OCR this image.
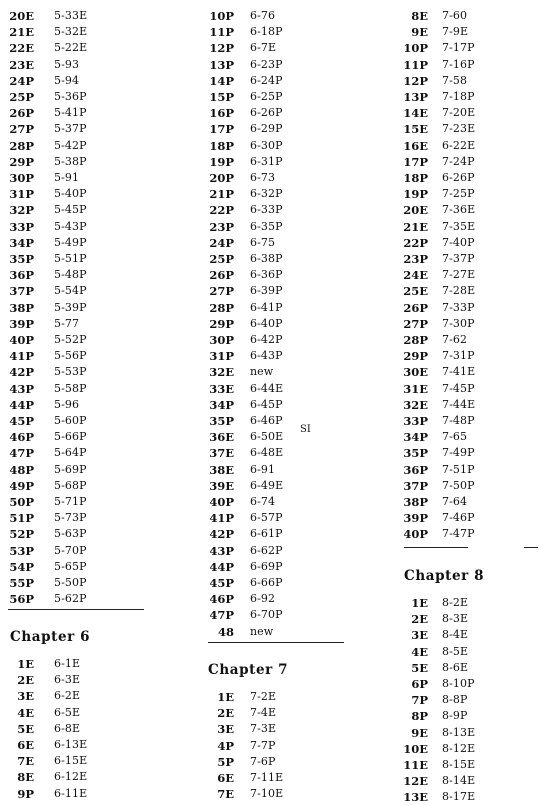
20E 5-33E
21E 5-32E
22E 5-22E
23E 5-93
24P 5-94
25P 5-36P
26P 5-41P
27P 5-37P
28P 5-42P
29P 5-38P
30P 5-91
31P 5-40P
32P 5-45P
33P 5-43P
34P 5-49P
35P 5-51P
36P 5-48P
37P 5-54P
38P 5-39P
39P 5-77
40P 5-52P
41P 5-56P
42P 5-53P
43P 5-58P
44P 5-96
45P 5-60P
46P 5-66P
47P 5-64P
48P 5-69P
49P 5-68P
50P 5-71P
51P 5-73P
52P 5-63P
53P 5-70P
54P 5-65P
55P 5-50P
56P 5-62P
Chapter 6
1E 6-1E
2E 6-3E
3E 6-2E
4E 6-5E
5E 6-8E
6E 6-13E
7E 6-15E
8E 6-12E
9P 6-11E
10P 6-76
11P 6-18P
12P 6-7E
13P 6-23P
14P 6-24P
15P 6-25P
16P 6-26P
17P 6-29P
18P 6-30P
19P 6-31P
20P 6-73
21P 6-32P
22P 6-33P
23P 6-35P
24P 6-75
25P 6-38P
26P 6-36P
27P 6-39P
28P 6-41P
29P 6-40P
30P 6-42P
31P 6-43P
32E new
33E 6-44E
34P 6-45P
35P 6-46P
36E 6-50E
37E 6-48E
38E 6-91
39E 6-49E
40P 6-74
41P 6-57P
42P 6-61P
43P 6-62P
44P 6-69P
45P 6-66P
46P 6-92
47P 6-70P
48 new
SI
Chapter 7
1E 7-2E
2E 7-4E
3E 7-3E
4P 7-7P
5P 7-6P
6E 7-11E
7E 7-10E
8E 7-60
9E 7-9E
10P 7-17P
11P 7-16P
12P 7-58
13P 7-18P
14E 7-20E
15E 7-23E
16E 6-22E
17P 7-24P
18P 6-26P
19P 7-25P
20E 7-36E
21E 7-35E
22P 7-40P
23P 7-37P
24E 7-27E
25E 7-28E
26P 7-33P
27P 7-30P
28P 7-62
29P 7-31P
30E 7-41E
31E 7-45P
32E 7-44E
33P 7-48P
34P 7-65
35P 7-49P
36P 7-51P
37P 7-50P
38P 7-64
39P 7-46P
40P 7-47P
Chapter 8
1E 8-2E
2E 8-3E
3E 8-4E
4E 8-5E
5E 8-6E
6P 8-10P
7P 8-8P
8P 8-9P
9E 8-13E
10E 8-12E
11E 8-15E
12E 8-14E
13E 8-17E
